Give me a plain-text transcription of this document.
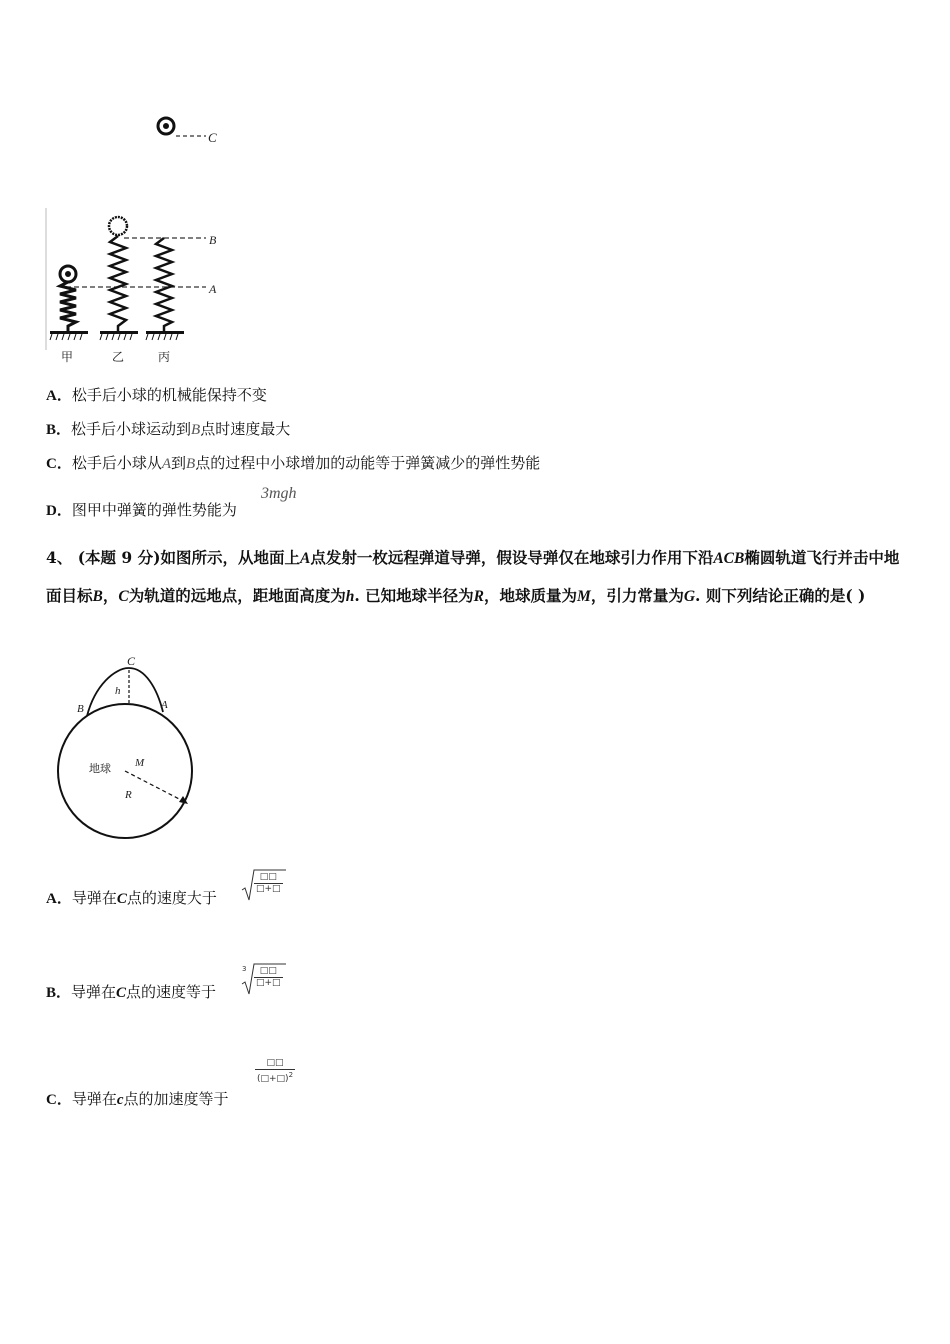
C
B
A
甲	乙	丙
A．松手后小球的机械能保持不变
B．松手后小球运动到B点时速度最大
C．松手后小球从A到B点的过程中小球增加的动能等于弹簧减少的弹性势能
D．图甲中弹簧的弹性势能为
3mgh
4、 (本题 9 分)如图所示，从地面上A点发射一枚远程弹道导弹，假设导弹仅在地球引力作用下沿ACB椭圆轨道飞行并击中地面目标B，C为轨道的远地点，距地面高度为h. 已知地球半径为R，地球质量为M，引力常量为G. 则下列结论正确的是( )
C
h
B	A
地球 M
R
A．导弹在C点的速度大于
□□
□+□
B．导弹在C点的速度等于
3	□□
□+□
C．导弹在c点的加速度等于
□□
(□+□)$^2$
